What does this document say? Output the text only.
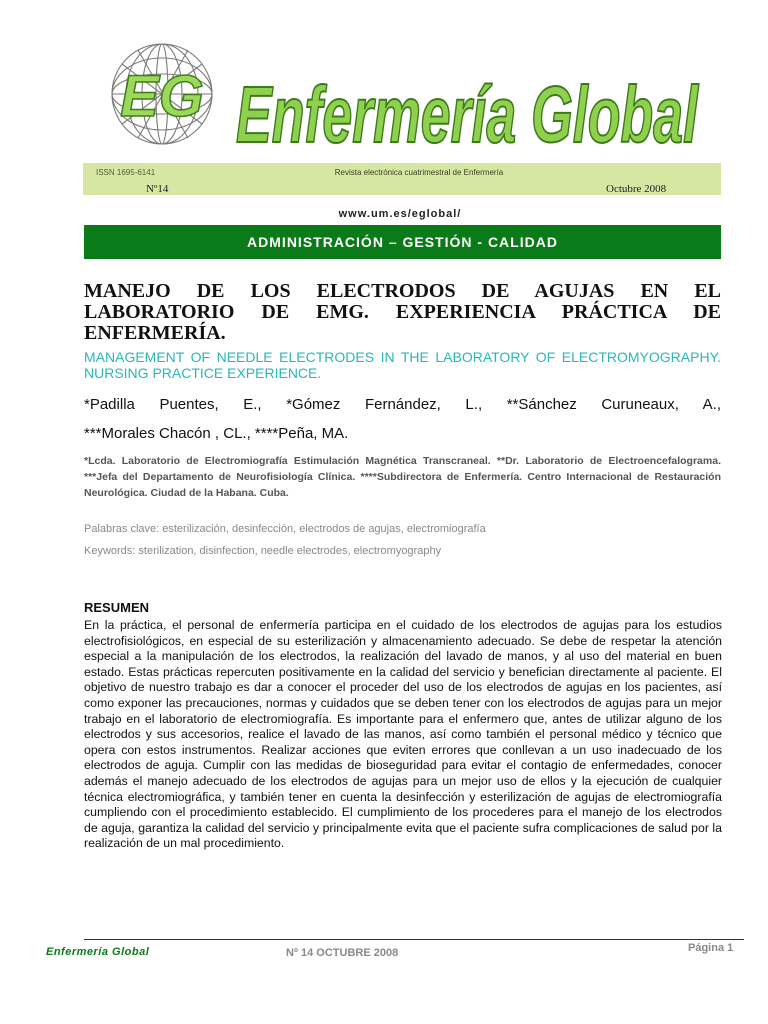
EG Enfermería Global
ISSN 1695-6141	Revista electrónica cuatrimestral de Enfermería
Nº14	Octubre 2008
www.um.es/eglobal/
ADMINISTRACIÓN – GESTIÓN - CALIDAD
MANEJO DE LOS ELECTRODOS DE AGUJAS EN EL LABORATORIO DE EMG. EXPERIENCIA PRÁCTICA DE ENFERMERÍA.
MANAGEMENT OF NEEDLE ELECTRODES IN THE LABORATORY OF ELECTROMYOGRAPHY. NURSING PRACTICE EXPERIENCE.
*Padilla Puentes, E., *Gómez Fernández, L., **Sánchez Curuneaux, A.,
***Morales Chacón , CL., ****Peña, MA.
*Lcda. Laboratorio de Electromiografía Estimulación Magnética Transcraneal. **Dr. Laboratorio de Electroencefalograma. ***Jefa del Departamento de Neurofisiología Clínica. ****Subdirectora de Enfermería. Centro Internacional de Restauración Neurológica. Ciudad de la Habana. Cuba.
Palabras clave: esterilización, desinfección, electrodos de agujas, electromiografía
Keywords: sterilization, disinfection, needle electrodes, electromyography
RESUMEN
En la práctica, el personal de enfermería participa en el cuidado de los electrodos de agujas para los estudios electrofisiológicos, en especial de su esterilización y almacenamiento adecuado. Se debe de respetar la atención especial a la manipulación de los electrodos, la realización del lavado de manos, y al uso del material en buen estado. Estas prácticas repercuten positivamente en la calidad del servicio y benefician directamente al paciente. El objetivo de nuestro trabajo es dar a conocer el proceder del uso de los electrodos de agujas en los pacientes, así como exponer las precauciones, normas y cuidados que se deben tener con los electrodos de agujas para un mejor trabajo en el laboratorio de electromiografía. Es importante para el enfermero que, antes de utilizar alguno de los electrodos y sus accesorios, realice el lavado de las manos, así como también el personal médico y técnico que opera con estos instrumentos. Realizar acciones que eviten errores que conllevan a un uso inadecuado de los electrodos de aguja. Cumplir con las medidas de bioseguridad para evitar el contagio de enfermedades, conocer además el manejo adecuado de los electrodos de agujas para un mejor uso de ellos y la ejecución de cualquier técnica electromiográfica, y también tener en cuenta la desinfección y esterilización de agujas de electromiografía cumpliendo con el procedimiento establecido. El cumplimiento de los procederes para el manejo de los electrodos de aguja, garantiza la calidad del servicio y principalmente evita que el paciente sufra complicaciones de salud por la realización de un mal procedimiento.
Enfermería Global	Nº 14 OCTUBRE 2008	Página 1
